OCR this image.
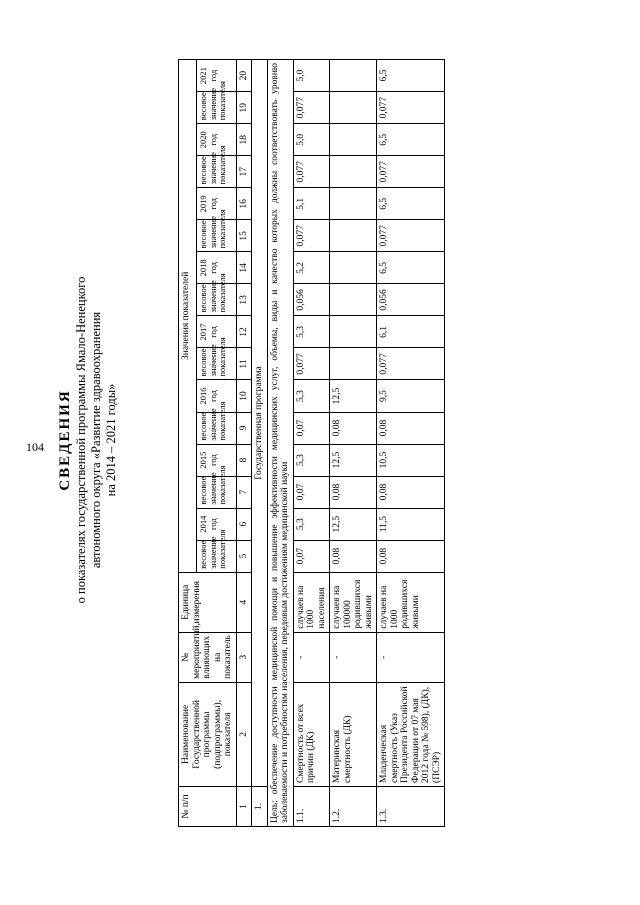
104 СВЕДЕНИЯ о показателях государственной программы Ямало-Ненецкого автономного округа «Развитие здравоохранения на 2014 – 2021 годы»
№ п/п	Наименование Государственной программы (подпрограммы), показателя	№ мероприятий, влияющих на показатель	Единица измерения	Значения показателей															
				весовое значение показателя	2014 год	весовое значение показателя	2015 год	весовое значение показателя	2016 год	весовое значение показателя	2017 год	весовое значение показателя	2018 год	весовое значение показателя	2019 год	весовое значение показателя	2020 год	весовое значение показателя	2021 год
1	2	3	4	5	6	7	8	9	10	11	12	13	14	15	16	17	18	19	20
1.	Государственная программа																		
Цель: обеспечение доступности медицинской помощи и повышение эффективности медицинских услуг, объемы, виды и качество которых должны соответствовать уровню заболеваемости и потребностям населения, передовым достижениям медицинской науки																			
1.1.	Смертность от всех причин (ДК)	-	случаев на 1000 населения	0,07	5,3	0,07	5,3	0,07	5,3	0,077	5,3	0,056	5,2	0,077	5,1	0,077	5,0	0,077	5,0
1.2.	Материнская смертность (ДК)	-	случаев на 100000 родившихся живыми	0,08	12,5	0,08	12,5	0,08	12,5										
1.3.	Младенческая смертность (Указ Президента Российской Федерации от 07 мая 2012 года № 598), (ДК), (ПСЭР)	-	случаев на 1000 родившихся живыми	0,08	11,5	0,08	10,5	0,08	9,5	0,077	6,1	0,056	6,5	0,077	6,5	0,077	6,5	0,077	6,5
